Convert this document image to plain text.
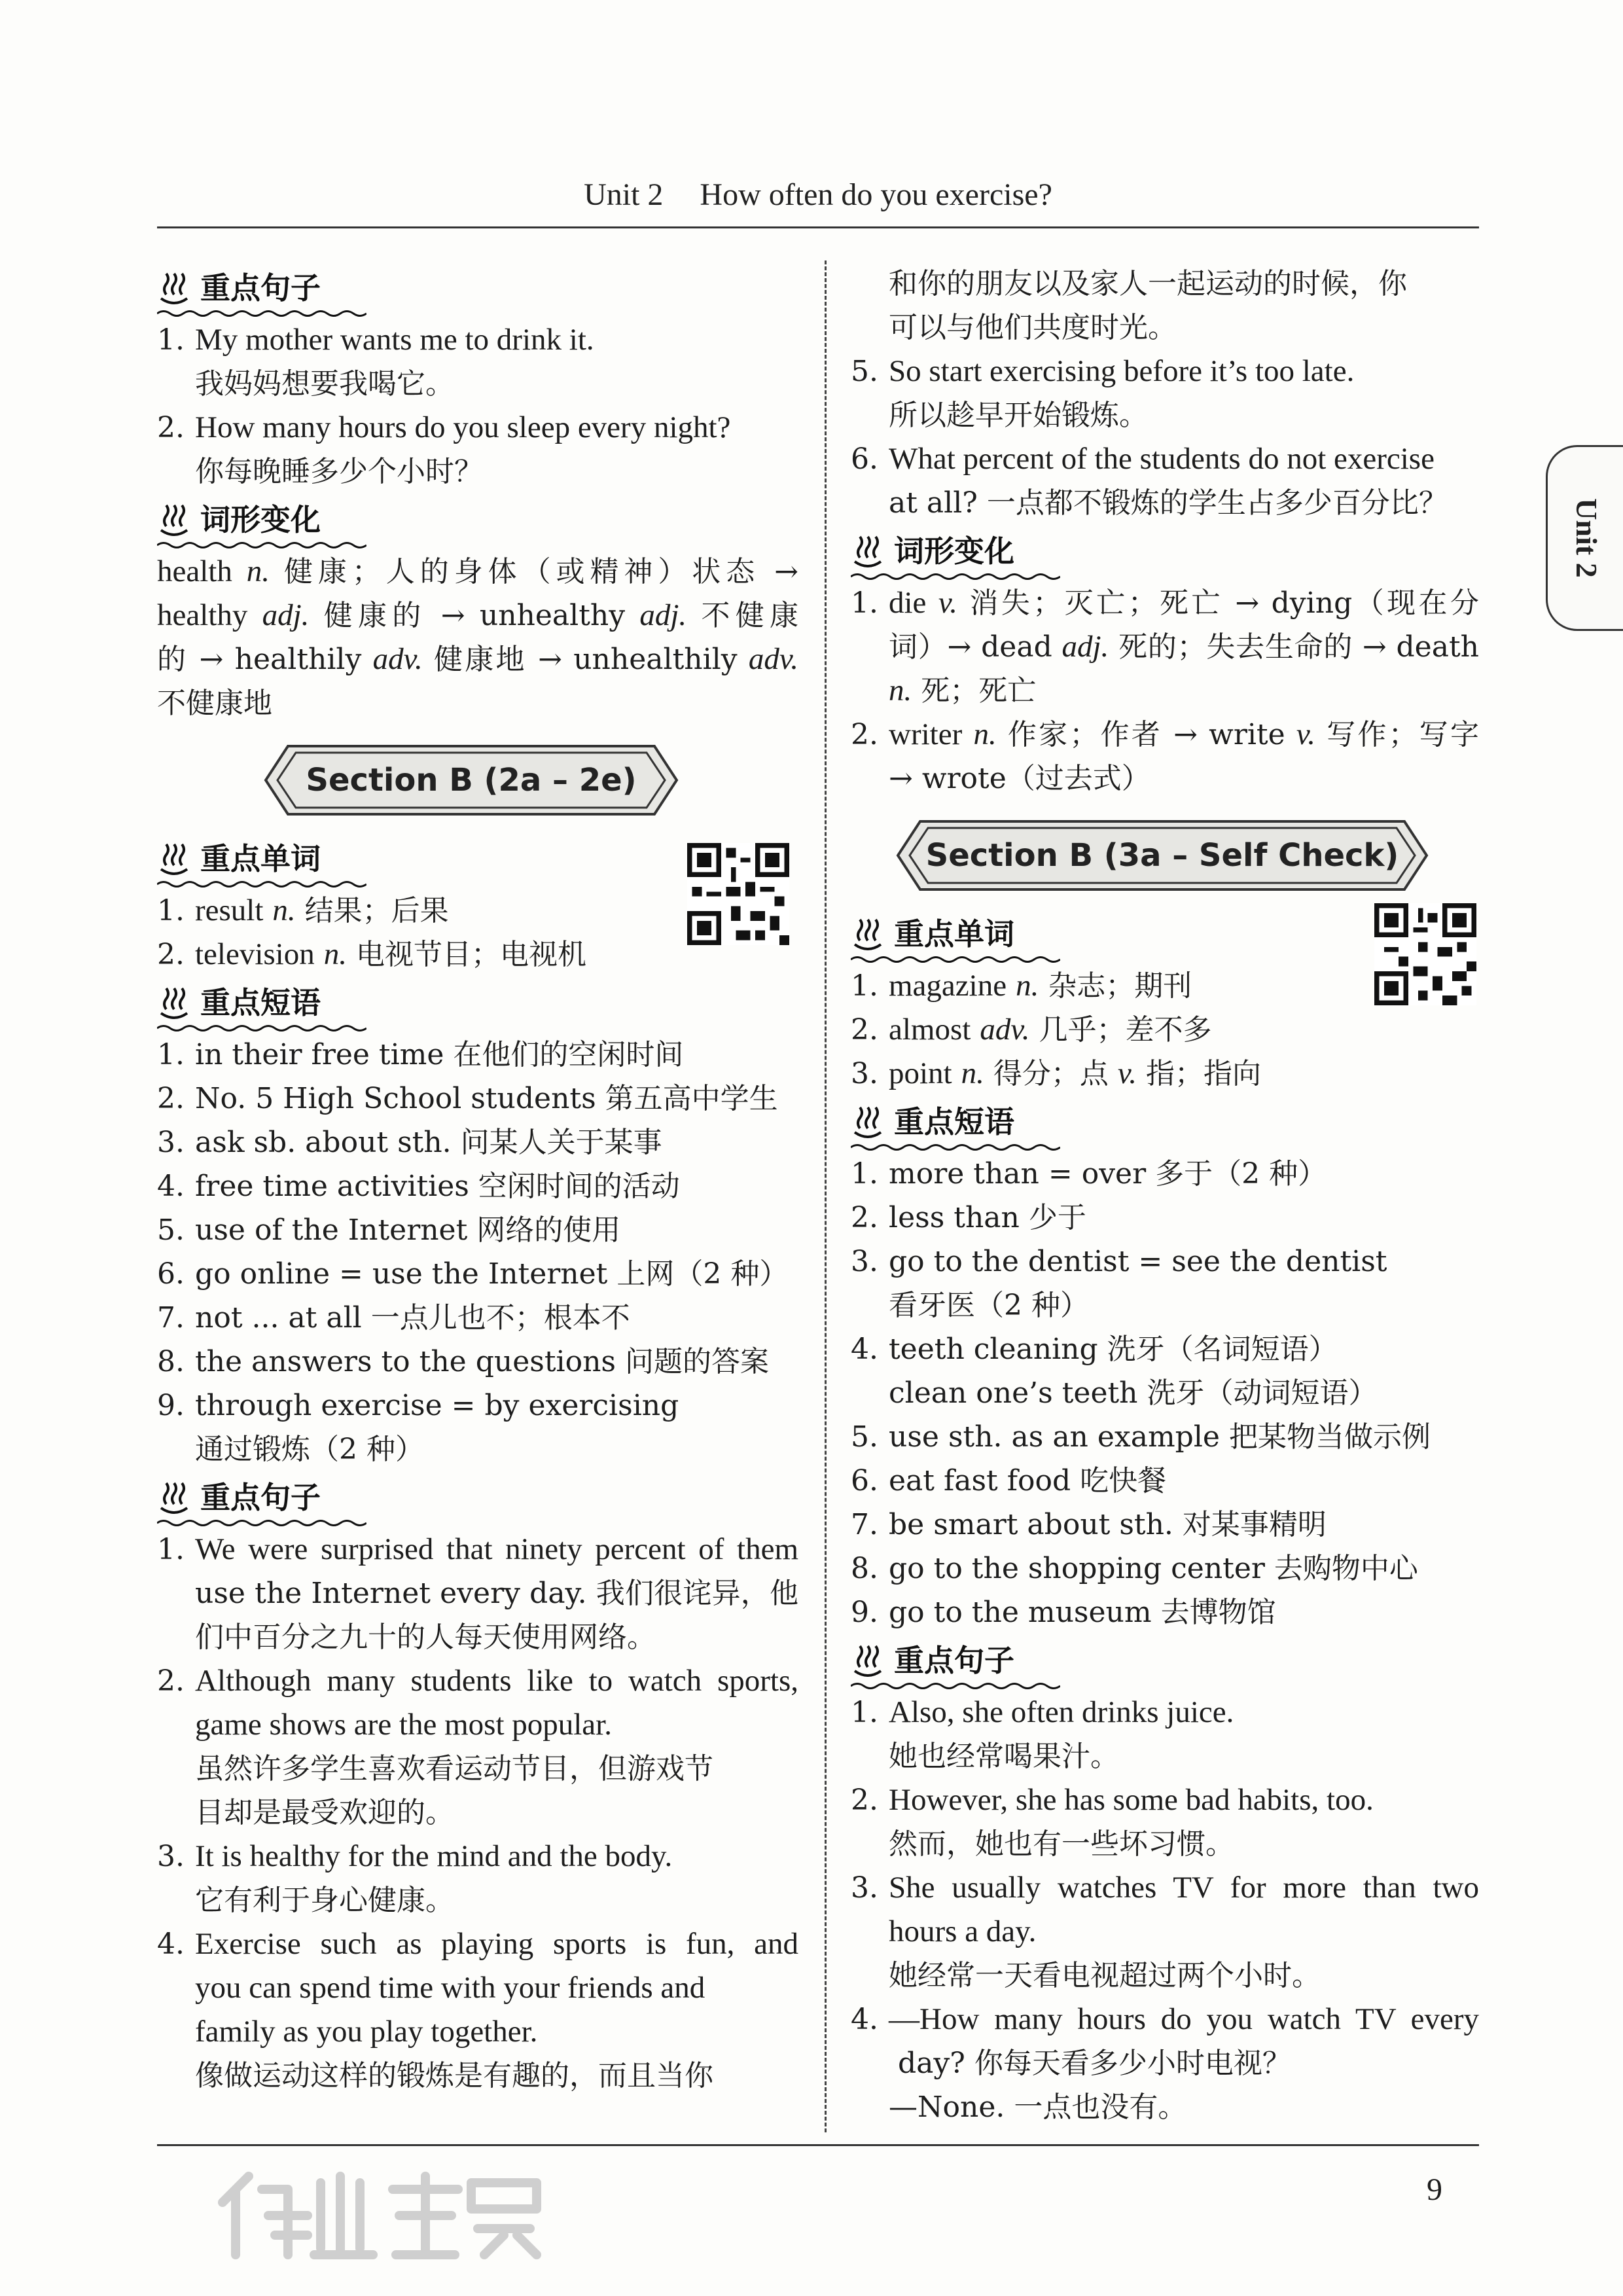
Unit 2 How often do you exercise?
Unit 2
重点句子
1. My mother wants me to drink it.
我妈妈想要我喝它。
2. How many hours do you sleep every night?
你每晚睡多少个小时？
词形变化
health n. 健康；人的身体（或精神）状态 →
healthy adj. 健康的 → unhealthy adj. 不健康
的 → healthily adv. 健康地 → unhealthily adv.
不健康地
Section B (2a – 2e)
重点单词
1. result n. 结果；后果
2. television n. 电视节目；电视机
重点短语
1. in their free time 在他们的空闲时间
2. No. 5 High School students 第五高中学生
3. ask sb. about sth. 问某人关于某事
4. free time activities 空闲时间的活动
5. use of the Internet 网络的使用
6. go online = use the Internet 上网（2 种）
7. not ... at all 一点儿也不；根本不
8. the answers to the questions 问题的答案
9. through exercise = by exercising
通过锻炼（2 种）
重点句子
1. We were surprised that ninety percent of them
use the Internet every day. 我们很诧异，他
们中百分之九十的人每天使用网络。
2. Although many students like to watch sports,
game shows are the most popular.
虽然许多学生喜欢看运动节目，但游戏节
目却是最受欢迎的。
3. It is healthy for the mind and the body.
它有利于身心健康。
4. Exercise such as playing sports is fun, and
you can spend time with your friends and
family as you play together.
像做运动这样的锻炼是有趣的，而且当你
和你的朋友以及家人一起运动的时候，你
可以与他们共度时光。
5. So start exercising before it’s too late.
所以趁早开始锻炼。
6. What percent of the students do not exercise
at all? 一点都不锻炼的学生占多少百分比？
词形变化
1. die v. 消失；灭亡；死亡 → dying（现在分
词）→ dead adj. 死的；失去生命的 → death
n. 死；死亡
2. writer n. 作家；作者 → write v. 写作；写字
→ wrote（过去式）
Section B (3a – Self Check)
重点单词
1. magazine n. 杂志；期刊
2. almost adv. 几乎；差不多
3. point n. 得分；点 v. 指；指向
重点短语
1. more than = over 多于（2 种）
2. less than 少于
3. go to the dentist = see the dentist
看牙医（2 种）
4. teeth cleaning 洗牙（名词短语）
clean one’s teeth 洗牙（动词短语）
5. use sth. as an example 把某物当做示例
6. eat fast food 吃快餐
7. be smart about sth. 对某事精明
8. go to the shopping center 去购物中心
9. go to the museum 去博物馆
重点句子
1. Also, she often drinks juice.
她也经常喝果汁。
2. However, she has some bad habits, too.
然而，她也有一些坏习惯。
3. She usually watches TV for more than two
hours a day.
她经常一天看电视超过两个小时。
4. —How many hours do you watch TV every
day? 你每天看多少小时电视？
—None. 一点也没有。
9
